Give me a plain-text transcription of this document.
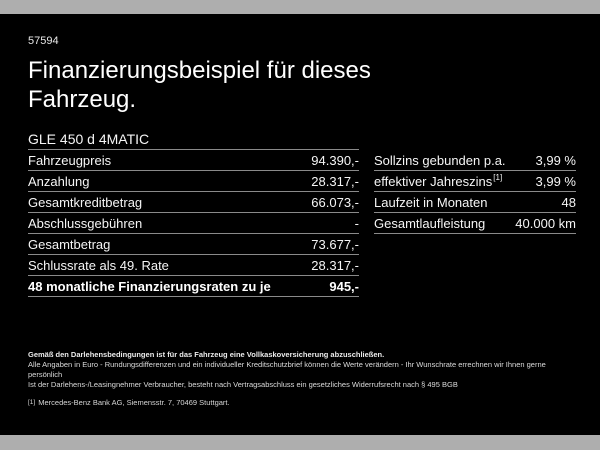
57594
Finanzierungsbeispiel für dieses Fahrzeug.
GLE 450 d 4MATIC
Fahrzeugpreis	94.390,-
Anzahlung	28.317,-
Gesamtkreditbetrag	66.073,-
Abschlussgebühren	-
Gesamtbetrag	73.677,-
Schlussrate als 49. Rate	28.317,-
48 monatliche Finanzierungsraten zu je	945,-
Sollzins gebunden p.a. 3,99 %
effektiver Jahreszins[1]	3,99 %
Laufzeit in Monaten	48
Gesamtlaufleistung 40.000 km
Gemäß den Darlehensbedingungen ist für das Fahrzeug eine Vollkaskoversicherung abzuschließen.
Alle Angaben in Euro - Rundungsdifferenzen und ein individueller Kreditschutzbrief können die Werte verändern - Ihr Wunschrate errechnen wir Ihnen gerne persönlich
Ist der Darlehens-/Leasingnehmer Verbraucher, besteht nach Vertragsabschluss ein gesetzliches Widerrufsrecht nach § 495 BGB
[1] Mercedes-Benz Bank AG, Siemensstr. 7, 70469 Stuttgart.
